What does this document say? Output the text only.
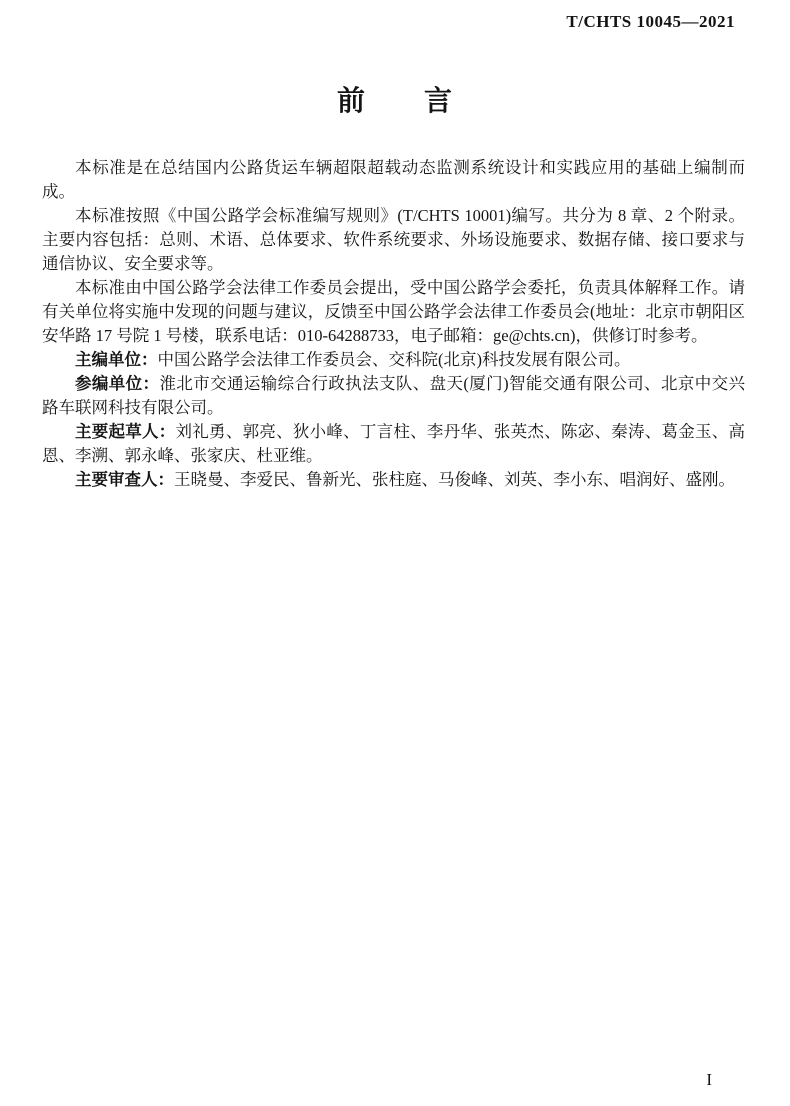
T/CHTS 10045—2021
前　　言

本标准是在总结国内公路货运车辆超限超载动态监测系统设计和实践应用的基础上编制而成。

本标准按照《中国公路学会标准编写规则》(T/CHTS 10001)编写。共分为 8 章、2 个附录。主要内容包括：总则、术语、总体要求、软件系统要求、外场设施要求、数据存储、接口要求与通信协议、安全要求等。

本标准由中国公路学会法律工作委员会提出，受中国公路学会委托，负责具体解释工作。请有关单位将实施中发现的问题与建议，反馈至中国公路学会法律工作委员会(地址：北京市朝阳区安华路 17 号院 1 号楼，联系电话：010-64288733，电子邮箱：ge@chts.cn)，供修订时参考。

主编单位：中国公路学会法律工作委员会、交科院(北京)科技发展有限公司。

参编单位：淮北市交通运输综合行政执法支队、盘天(厦门)智能交通有限公司、北京中交兴路车联网科技有限公司。

主要起草人：刘礼勇、郭亮、狄小峰、丁言柱、李丹华、张英杰、陈宓、秦涛、葛金玉、高恩、李溯、郭永峰、张家庆、杜亚维。

主要审查人：王晓曼、李爱民、鲁新光、张柱庭、马俊峰、刘英、李小东、唱润好、盛刚。

I
